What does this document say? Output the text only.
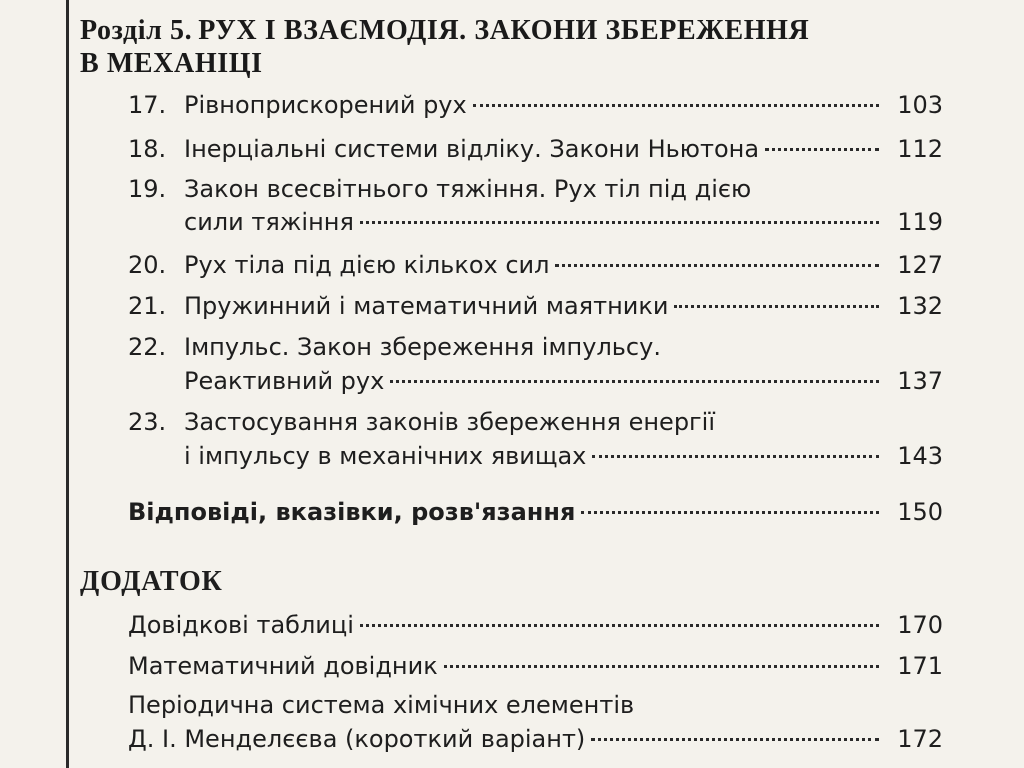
Розділ 5. РУХ І ВЗАЄМОДІЯ. ЗАКОНИ ЗБЕРЕЖЕННЯ
В МЕХАНІЦІ
17. Рівноприскорений рух	103
18. Інерціальні системи відліку. Закони Ньютона	112
19. Закон всесвітнього тяжіння. Рух тіл під дією
сили тяжіння	119
20. Рух тіла під дією кількох сил	127
21. Пружинний і математичний маятники	132
22. Імпульс. Закон збереження імпульсу.
Реактивний рух	137
23. Застосування законів збереження енергії
і імпульсу в механічних явищах	143
Відповіді, вказівки, розв'язання	150
ДОДАТОК
Довідкові таблиці	170
Математичний довідник	171
Періодична система хімічних елементів
Д. І. Менделєєва (короткий варіант)	172
